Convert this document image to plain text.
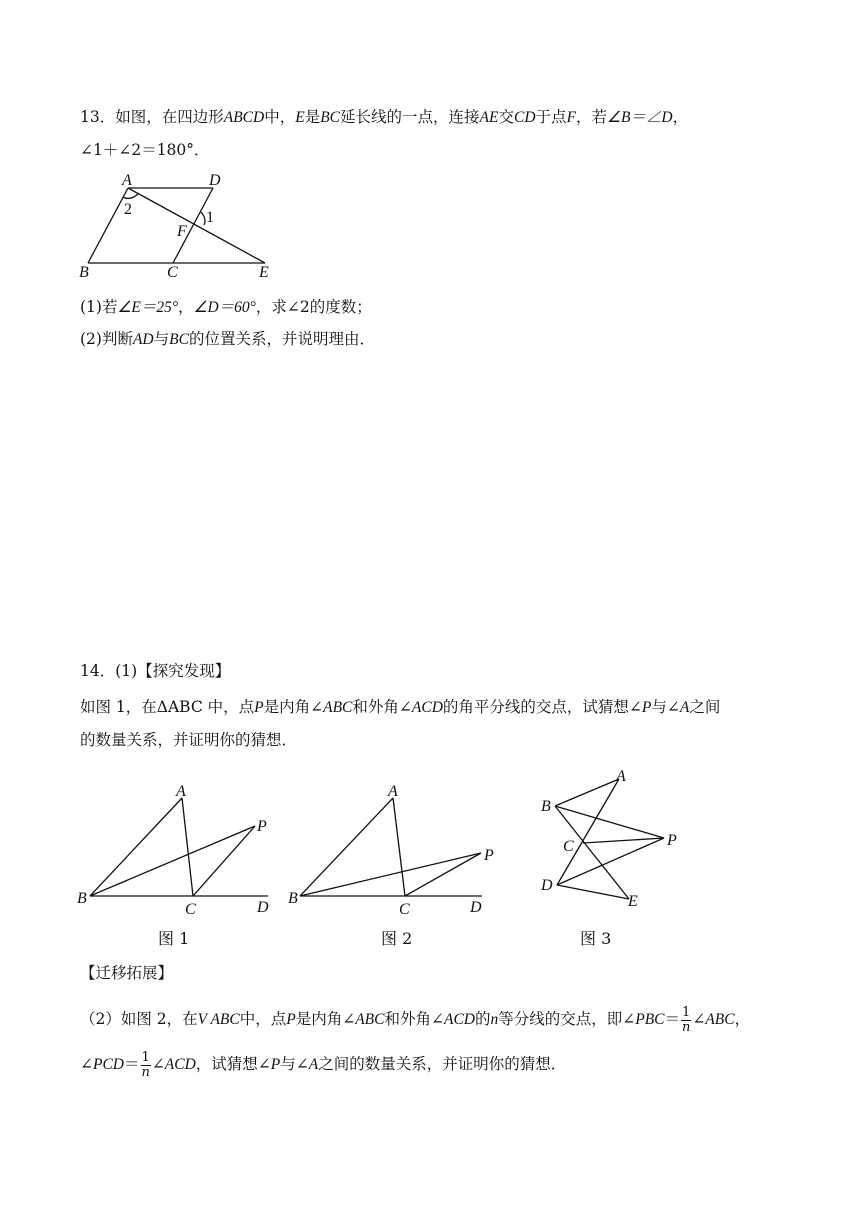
13．如图，在四边形ABCD中，E是BC延长线的一点，连接AE交CD于点F，若∠B＝∠D，
∠1＋∠2＝180°．
A	D
B	C	E
F
1
2
(1)若∠E＝25°，∠D＝60°，求∠2的度数；
(2)判断AD与BC的位置关系，并说明理由．
14．(1)【探究发现】
如图 1，在ΔABC 中，点P是内角∠ABC和外角∠ACD的角平分线的交点，试猜想∠P与∠A之间
的数量关系，并证明你的猜想．
A
B
C	D
P
A
B
C	D
P
A
B
C
D
E
P
图 1	图 2	图 3
【迁移拓展】
（2）如图 2，在V ABC中，点P是内角∠ABC和外角∠ACD的n等分线的交点，即∠PBC＝ $\frac{1}{n}$ ∠ABC，
∠PCD＝ $\frac{1}{n}$ ∠ACD，试猜想∠P与∠A之间的数量关系，并证明你的猜想．
